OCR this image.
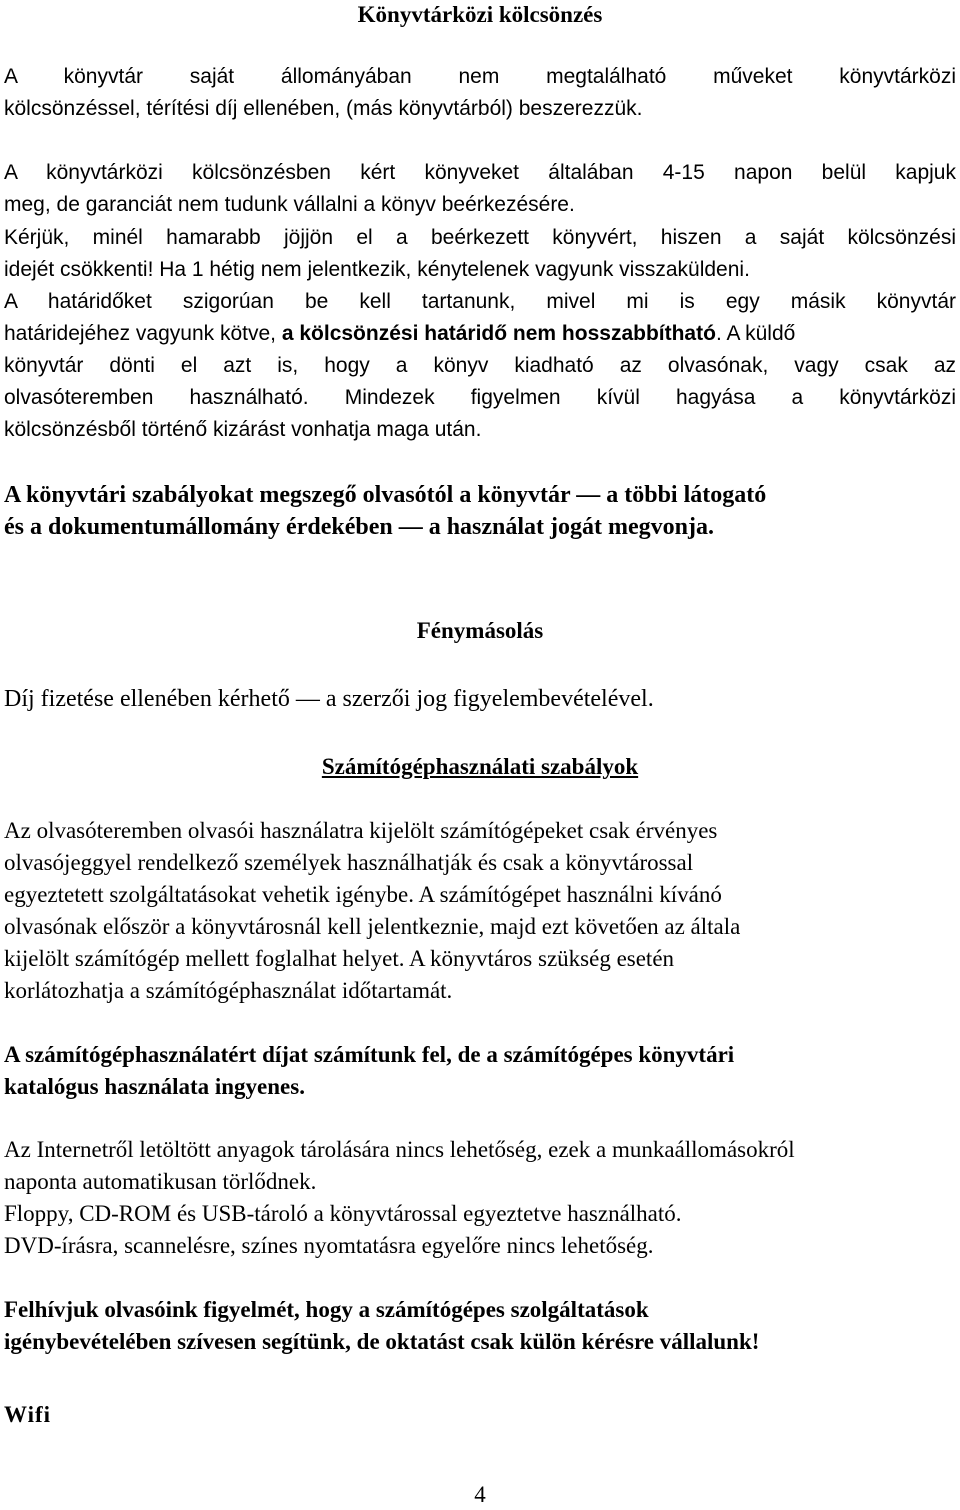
Könyvtárközi kölcsönzés

A könyvtár saját állományában nem megtalálható műveket könyvtárközi

kölcsönzéssel, térítési díj ellenében, (más könyvtárból) beszerezzük.

A könyvtárközi kölcsönzésben kért könyveket általában 4-15 napon belül kapjuk

meg, de garanciát nem tudunk vállalni a könyv beérkezésére.

Kérjük, minél hamarabb jöjjön el a beérkezett könyvért, hiszen a saját kölcsönzési

idejét csökkenti! Ha 1 hétig nem jelentkezik, kénytelenek vagyunk visszaküldeni.

A határidőket szigorúan be kell tartanunk, mivel mi is egy másik könyvtár

határidejéhez vagyunk kötve, a kölcsönzési határidő nem hosszabbítható. A küldő

könyvtár dönti el azt is, hogy a könyv kiadható az olvasónak, vagy csak az

olvasóteremben használható. Mindezek figyelmen kívül hagyása a könyvtárközi

kölcsönzésből történő kizárást vonhatja maga után.

A könyvtári szabályokat megszegő olvasótól a könyvtár — a többi látogató

és a dokumentumállomány érdekében — a használat jogát megvonja.

Fénymásolás

Díj fizetése ellenében kérhető — a szerzői jog figyelembevételével.

Számítógéphasználati szabályok

Az olvasóteremben olvasói használatra kijelölt számítógépeket csak érvényes

olvasójeggyel rendelkező személyek használhatják és csak a könyvtárossal

egyeztetett szolgáltatásokat vehetik igénybe. A számítógépet használni kívánó

olvasónak először a könyvtárosnál kell jelentkeznie, majd ezt követően az általa

kijelölt számítógép mellett foglalhat helyet. A könyvtáros szükség esetén

korlátozhatja a számítógéphasználat időtartamát.

A számítógéphasználatért díjat számítunk fel, de a számítógépes könyvtári

katalógus használata ingyenes.

Az Internetről letöltött anyagok tárolására nincs lehetőség, ezek a munkaállomásokról

naponta automatikusan törlődnek.

Floppy, CD-ROM és USB-tároló a könyvtárossal egyeztetve használható.

DVD-írásra, scannelésre, színes nyomtatásra egyelőre nincs lehetőség.

Felhívjuk olvasóink figyelmét, hogy a számítógépes szolgáltatások

igénybevételében szívesen segítünk, de oktatást csak külön kérésre vállalunk!

Wifi

4
